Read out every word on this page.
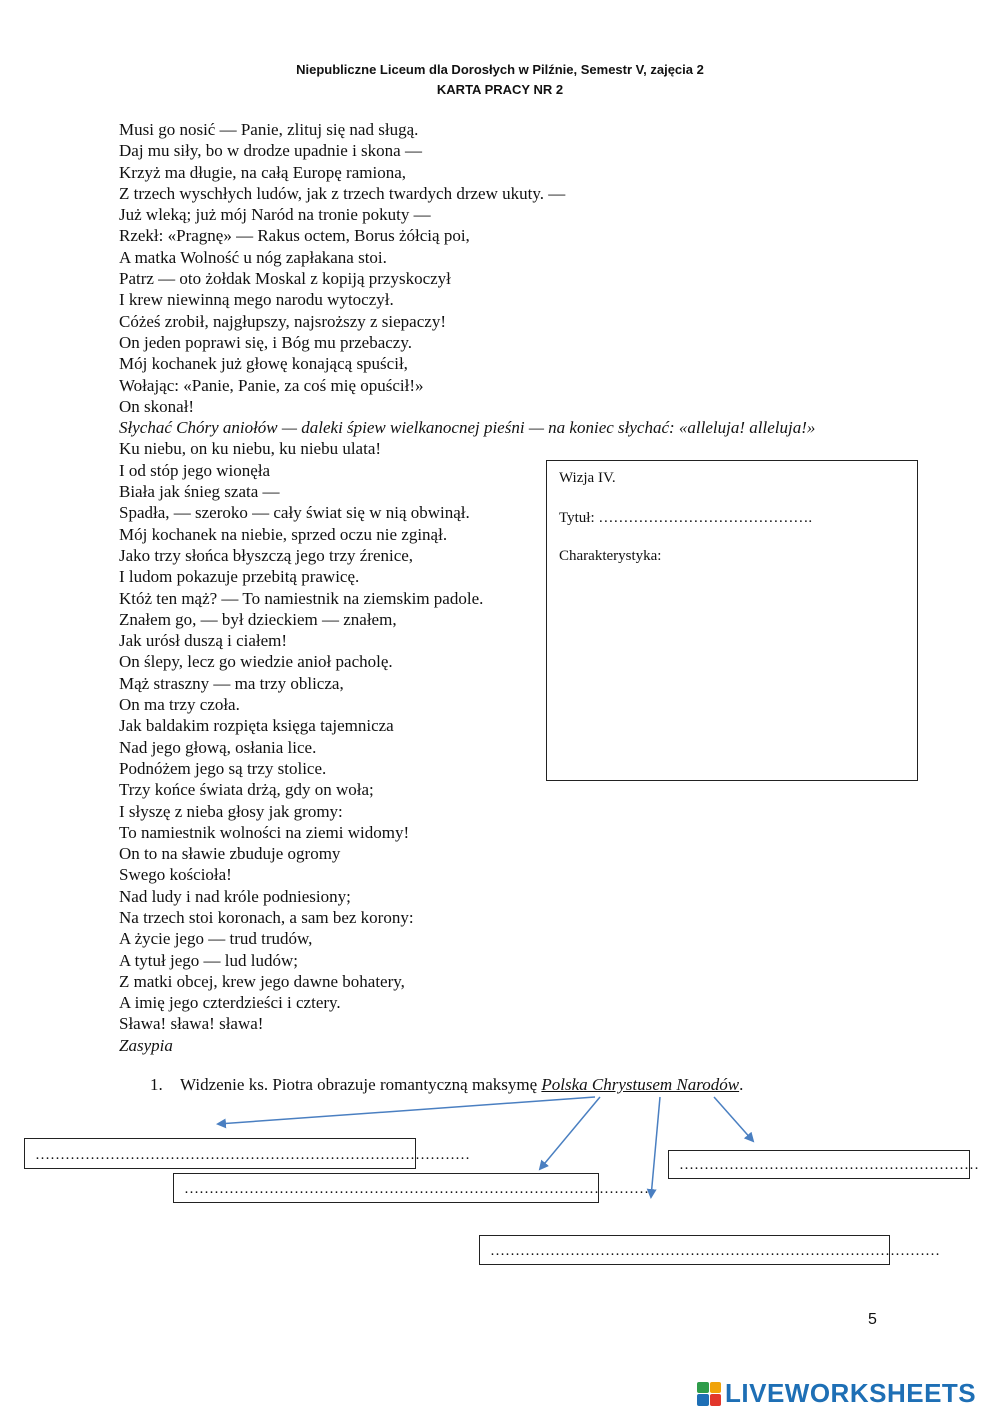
Niepubliczne Liceum dla Dorosłych w Pilźnie, Semestr V, zajęcia 2
KARTA PRACY NR 2
Musi go nosić — Panie, zlituj się nad sługą.
Daj mu siły, bo w drodze upadnie i skona —
Krzyż ma długie, na całą Europę ramiona,
Z trzech wyschłych ludów, jak z trzech twardych drzew ukuty. —
Już wleką; już mój Naród na tronie pokuty —
Rzekł: «Pragnę» — Rakus octem, Borus żółcią poi,
A matka Wolność u nóg zapłakana stoi.
Patrz — oto żołdak Moskal z kopiją przyskoczył
I krew niewinną mego narodu wytoczył.
Cóżeś zrobił, najgłupszy, najsroższy z siepaczy!
On jeden poprawi się, i Bóg mu przebaczy.
Mój kochanek już głowę konającą spuścił,
Wołając: «Panie, Panie, za coś mię opuścił!»
On skonał!
Słychać Chóry aniołów — daleki śpiew wielkanocnej pieśni — na koniec słychać: «alleluja! alleluja!»
Ku niebu, on ku niebu, ku niebu ulata!
I od stóp jego wionęła
Biała jak śnieg szata —
Spadła, — szeroko — cały świat się w nią obwinął.
Mój kochanek na niebie, sprzed oczu nie zginął.
Jako trzy słońca błyszczą jego trzy źrenice,
I ludom pokazuje przebitą prawicę.
Któż ten mąż? — To namiestnik na ziemskim padole.
Znałem go, — był dzieckiem — znałem,
Jak urósł duszą i ciałem!
On ślepy, lecz go wiedzie anioł pacholę.
Mąż straszny — ma trzy oblicza,
On ma trzy czoła.
Jak baldakim rozpięta księga tajemnicza
Nad jego głową, osłania lice.
Podnóżem jego są trzy stolice.
Trzy końce świata drżą, gdy on woła;
I słyszę z nieba głosy jak gromy:
To namiestnik wolności na ziemi widomy!
On to na sławie zbuduje ogromy
Swego kościoła!
Nad ludy i nad króle podniesiony;
Na trzech stoi koronach, a sam bez korony:
A życie jego — trud trudów,
A tytuł jego — lud ludów;
Z matki obcej, krew jego dawne bohatery,
A imię jego czterdzieści i cztery.
Sława! sława! sława!
Zasypia
Wizja IV.
Tytuł: …………………………………….
Charakterystyka:
1. Widzenie ks. Piotra obrazuje romantyczną maksymę Polska Chrystusem Narodów.
……………………………………………………………………………
…………………………………………………………………………………
……………………………………………………
………………………………………………………………………………
5
LIVEWORKSHEETS
